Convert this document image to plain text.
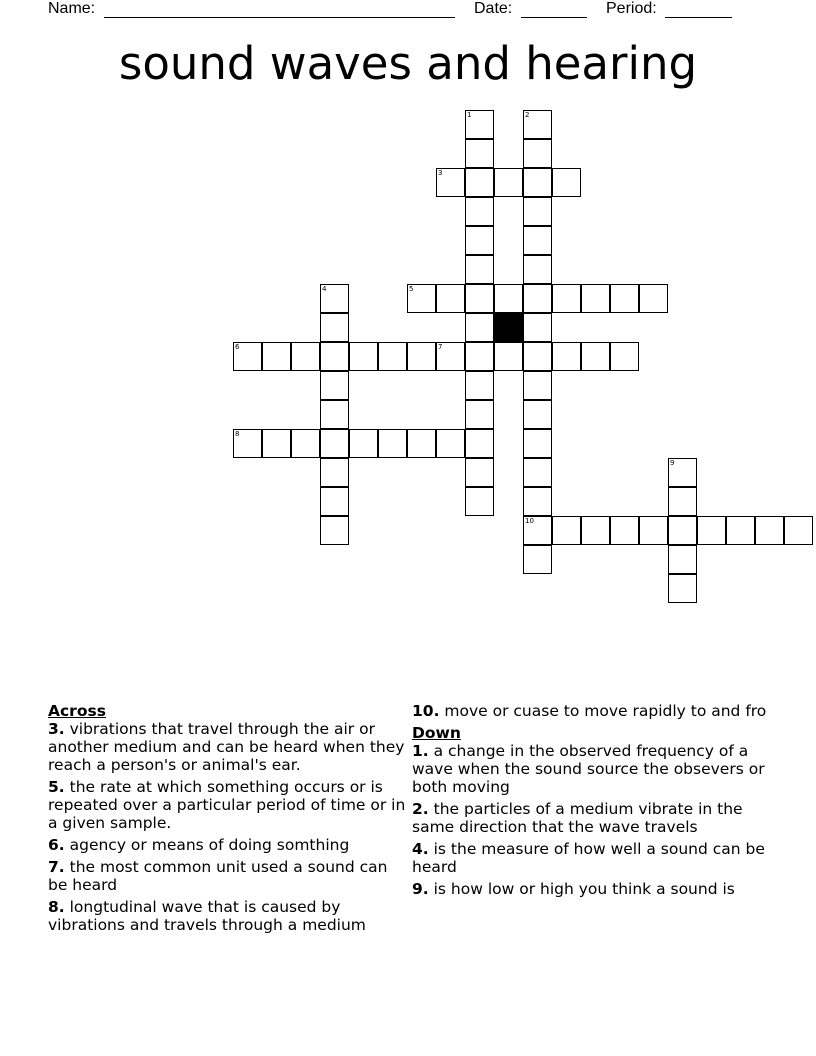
Name:	Date:	Period:
sound waves and hearing
1	2
10
3
4	5
6	7
8
9
Across
3. vibrations that travel through the air or another medium and can be heard when they reach a person's or animal's ear.
5. the rate at which something occurs or is repeated over a particular period of time or in a given sample.
6. agency or means of doing somthing
7. the most common unit used a sound can be heard
8. longtudinal wave that is caused by vibrations and travels through a medium
10. move or cuase to move rapidly to and fro
Down
1. a change in the observed frequency of a wave when the sound source the obsevers or both moving
2. the particles of a medium vibrate in the same direction that the wave travels
4. is the measure of how well a sound can be heard
9. is how low or high you think a sound is
